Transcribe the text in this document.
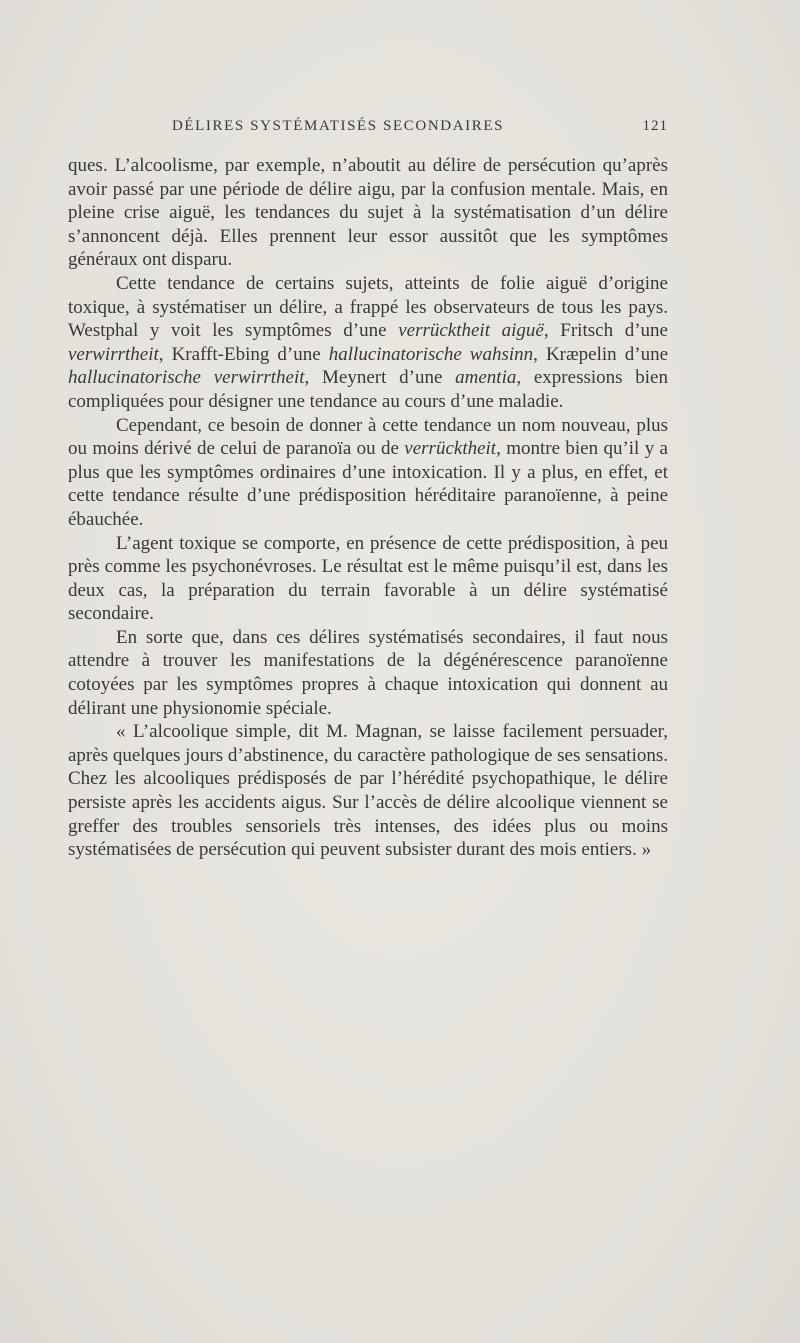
DÉLIRES SYSTÉMATISÉS SECONDAIRES	121

ques. L’alcoolisme, par exemple, n’aboutit au délire de persécution qu’après avoir passé par une période de délire aigu, par la confusion mentale. Mais, en pleine crise aiguë, les tendances du sujet à la systématisation d’un délire s’annoncent déjà. Elles prennent leur essor aussitôt que les symptômes généraux ont disparu.

Cette tendance de certains sujets, atteints de folie aiguë d’origine toxique, à systématiser un délire, a frappé les observateurs de tous les pays. Westphal y voit les symptômes d’une verrücktheit aiguë, Fritsch d’une verwirrtheit, Krafft-Ebing d’une hallucinatorische wahsinn, Kræpelin d’une hallucinatorische verwirrtheit, Meynert d’une amentia, expressions bien compliquées pour désigner une tendance au cours d’une maladie.

Cependant, ce besoin de donner à cette tendance un nom nouveau, plus ou moins dérivé de celui de paranoïa ou de verrücktheit, montre bien qu’il y a plus que les symptômes ordinaires d’une intoxication. Il y a plus, en effet, et cette tendance résulte d’une prédisposition héréditaire paranoïenne, à peine ébauchée.

L’agent toxique se comporte, en présence de cette prédisposition, à peu près comme les psychonévroses. Le résultat est le même puisqu’il est, dans les deux cas, la préparation du terrain favorable à un délire systématisé secondaire.

En sorte que, dans ces délires systématisés secondaires, il faut nous attendre à trouver les manifestations de la dégénérescence paranoïenne cotoyées par les symptômes propres à chaque intoxication qui donnent au délirant une physionomie spéciale.

« L’alcoolique simple, dit M. Magnan, se laisse facilement persuader, après quelques jours d’abstinence, du caractère pathologique de ses sensations. Chez les alcooliques prédisposés de par l’hérédité psychopathique, le délire persiste après les accidents aigus. Sur l’accès de délire alcoolique viennent se greffer des troubles sensoriels très intenses, des idées plus ou moins systématisées de persécution qui peuvent subsister durant des mois entiers. »
